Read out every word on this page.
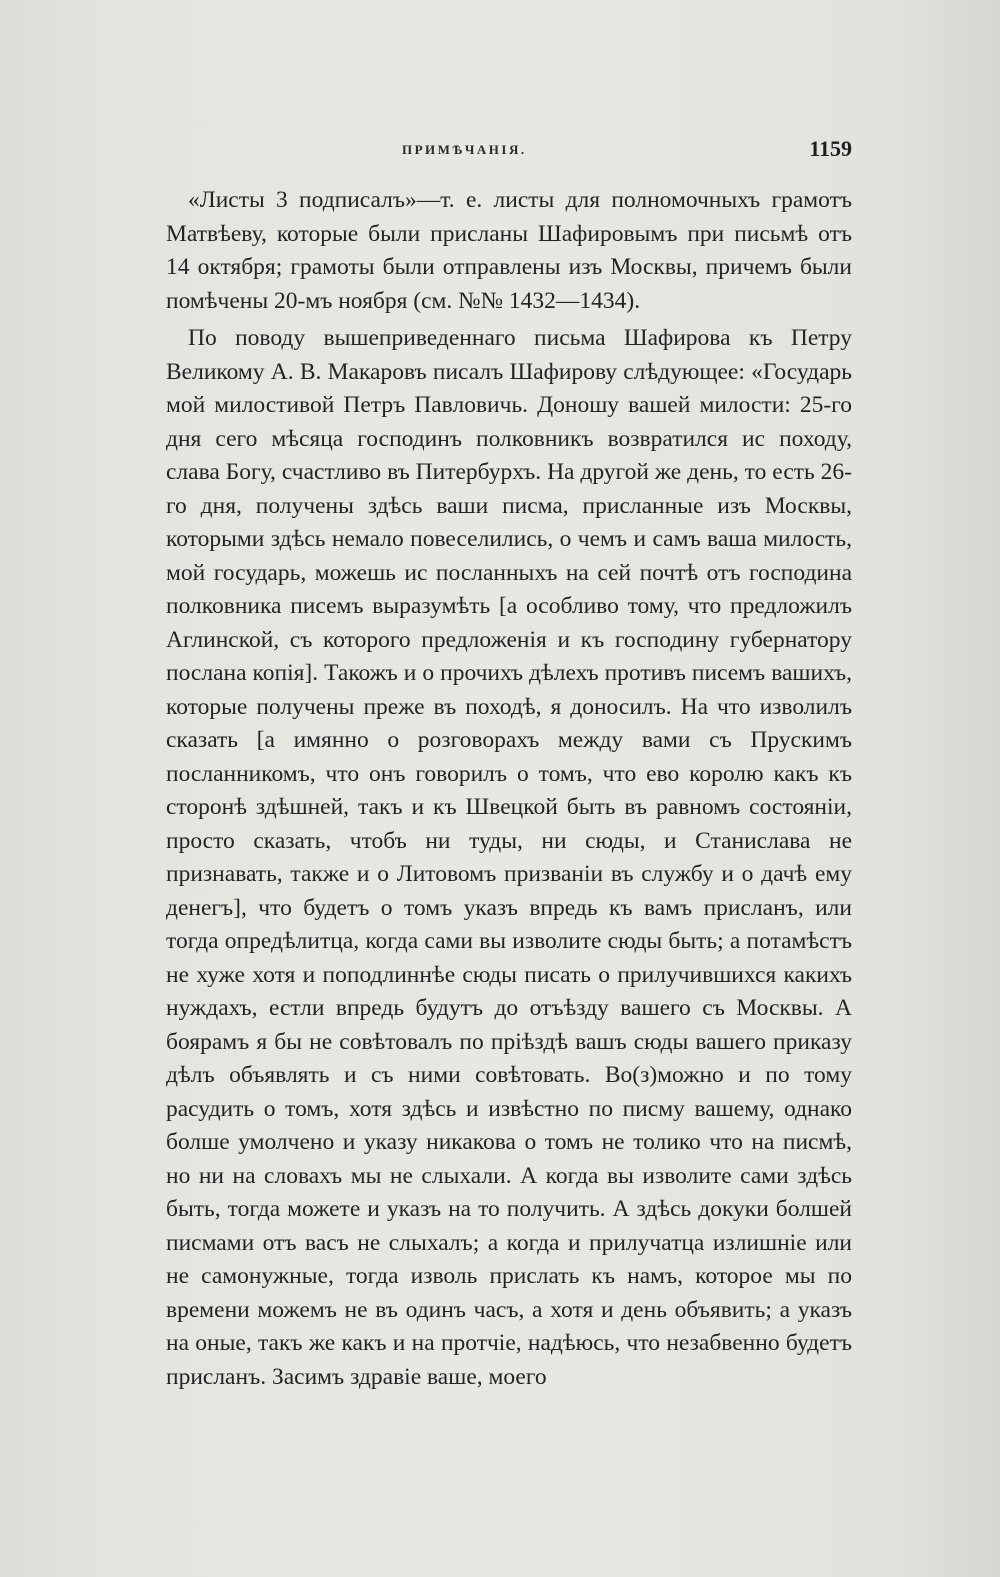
ПРИМѢЧАНІЯ.	1159

«Листы 3 подписалъ»—т. е. листы для полномочныхъ грамотъ Матвѣеву, которые были присланы Шафировымъ при письмѣ отъ 14 октября; грамоты были отправлены изъ Москвы, причемъ были помѣчены 20-мъ ноября (см. №№ 1432—1434).

По поводу вышеприведеннаго письма Шафирова къ Петру Великому А. В. Макаровъ писалъ Шафирову слѣдующее: «Государь мой милостивой Петръ Павловичь. Доношу вашей милости: 25-го дня сего мѣсяца господинъ полковникъ возвратился ис походу, слава Богу, счастливо въ Питербурхъ. На другой же день, то есть 26-го дня, получены здѣсь ваши писма, присланные изъ Москвы, которыми здѣсь немало повеселились, о чемъ и самъ ваша милость, мой государь, можешь ис посланныхъ на сей почтѣ отъ господина полковника писемъ выразумѣть [а особливо тому, что предложилъ Аглинской, съ которого предложенія и къ господину губернатору послана копія]. Такожъ и о прочихъ дѣлехъ противъ писемъ вашихъ, которые получены преже въ походѣ, я доносилъ. На что изволилъ сказать [а имянно о розговорахъ между вами съ Прускимъ посланникомъ, что онъ говорилъ о томъ, что ево королю какъ къ сторонѣ здѣшней, такъ и къ Швецкой быть въ равномъ состояніи, просто сказать, чтобъ ни туды, ни сюды, и Станислава не признавать, также и о Литовомъ призваніи въ службу и о дачѣ ему денегъ], что будетъ о томъ указъ впредь къ вамъ присланъ, или тогда опредѣлитца, когда сами вы изволите сюды быть; а потамѣстъ не хуже хотя и поподлиннѣе сюды писать о прилучившихся какихъ нуждахъ, естли впредь будутъ до отъѣзду вашего съ Москвы. А боярамъ я бы не совѣтовалъ по пріѣздѣ вашъ сюды вашего приказу дѣлъ объявлять и съ ними совѣтовать. Во(з)можно и по тому расудить о томъ, хотя здѣсь и извѣстно по писму вашему, однако болше умолчено и указу никакова о томъ не толико что на писмѣ, но ни на словахъ мы не слыхали. А когда вы изволите сами здѣсь быть, тогда можете и указъ на то получить. А здѣсь докуки болшей писмами отъ васъ не слыхалъ; а когда и прилучатца излишніе или не самонужные, тогда изволь прислать къ намъ, которое мы по времени можемъ не въ одинъ часъ, а хотя и день объявить; а указъ на оные, такъ же какъ и на протчіе, надѣюсь, что незабвенно будетъ присланъ. Засимъ здравіе ваше, моего
